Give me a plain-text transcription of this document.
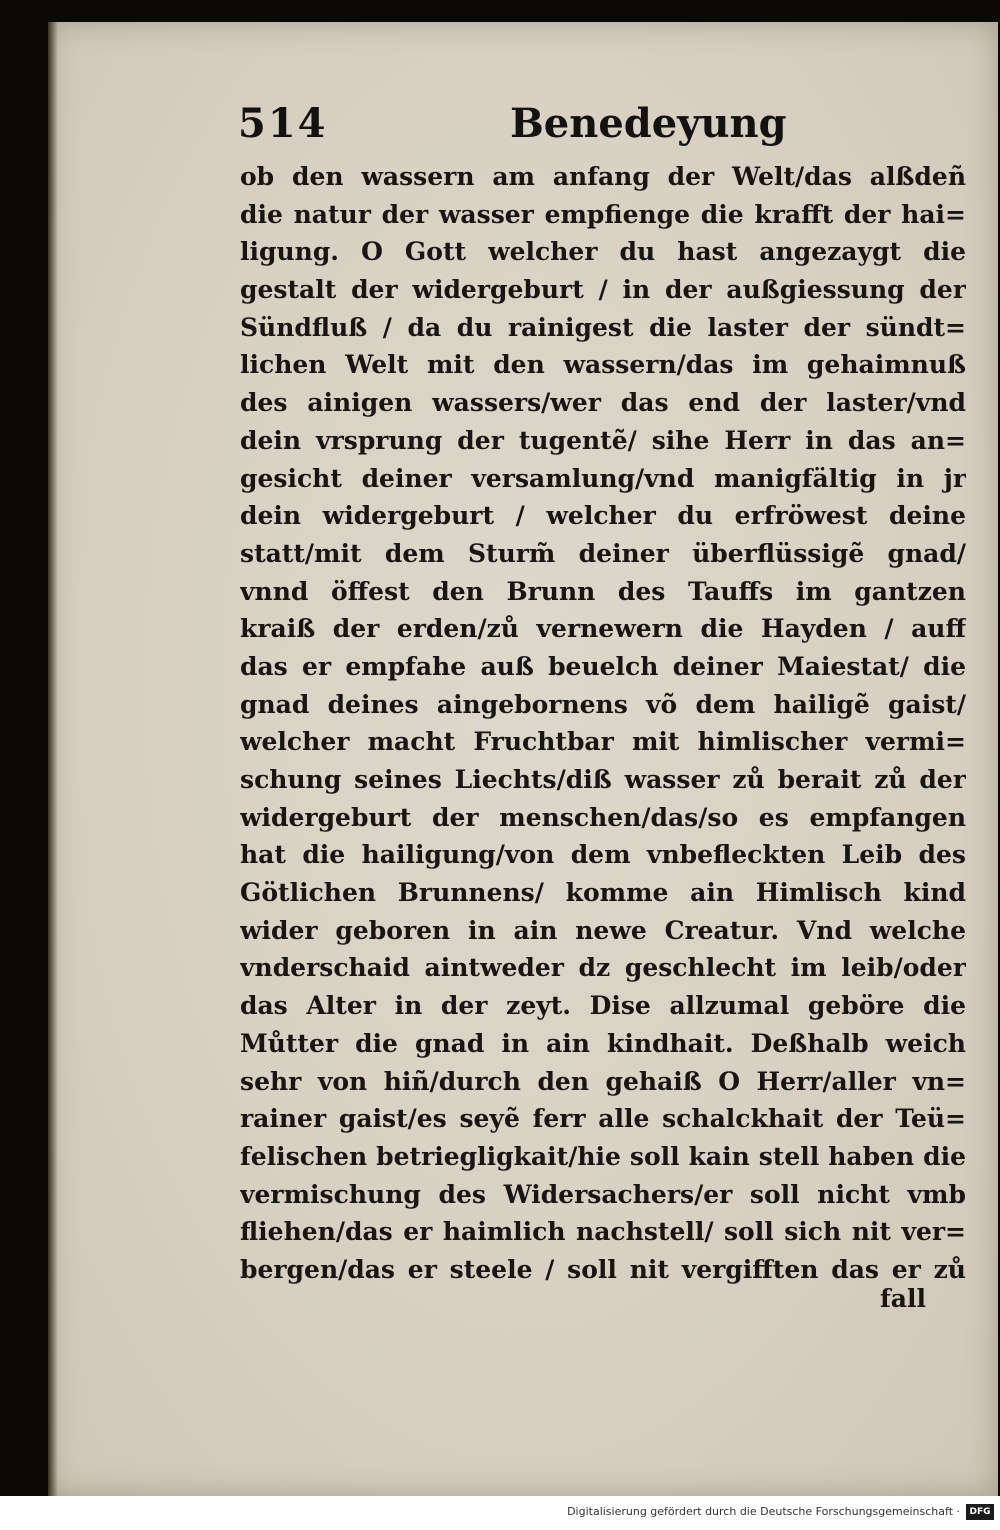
514	Benedeyung
ob den wassern am anfang der Welt/das alßdeñ
die natur der wasser empfienge die krafft der hai=
ligung. O Gott welcher du hast angezaygt die
gestalt der widergeburt / in der außgiessung der
Sündfluß / da du rainigest die laster der sündt=
lichen Welt mit den wassern/das im gehaimnuß
des ainigen wassers/wer das end der laster/vnd
dein vrsprung der tugentẽ/ sihe Herr in das an=
gesicht deiner versamlung/vnd manigfältig in jr
dein widergeburt / welcher du erfröwest deine
statt/mit dem Sturm̃ deiner überflüssigẽ gnad/
vnnd öffest den Brunn des Tauffs im gantzen
kraiß der erden/zů vernewern die Hayden / auff
das er empfahe auß beuelch deiner Maiestat/ die
gnad deines aingebornens võ dem hailigẽ gaist/
welcher macht Fruchtbar mit himlischer vermi=
schung seines Liechts/diß wasser zů berait zů der
widergeburt der menschen/das/so es empfangen
hat die hailigung/von dem vnbefleckten Leib des
Götlichen Brunnens/ komme ain Himlisch kind
wider geboren in ain newe Creatur. Vnd welche
vnderschaid aintweder dz geschlecht im leib/oder
das Alter in der zeyt. Dise allzumal geböre die
Můtter die gnad in ain kindhait. Deßhalb weich
sehr von hiñ/durch den gehaiß O Herr/aller vn=
rainer gaist/es seyẽ ferr alle schalckhait der Teü=
felischen betriegligkait/hie soll kain stell haben die
vermischung des Widersachers/er soll nicht vmb
fliehen/das er haimlich nachstell/ soll sich nit ver=
bergen/das er steele / soll nit vergifften das er zů
fall
Digitalisierung gefördert durch die Deutsche Forschungsgemeinschaft ·	DFG
